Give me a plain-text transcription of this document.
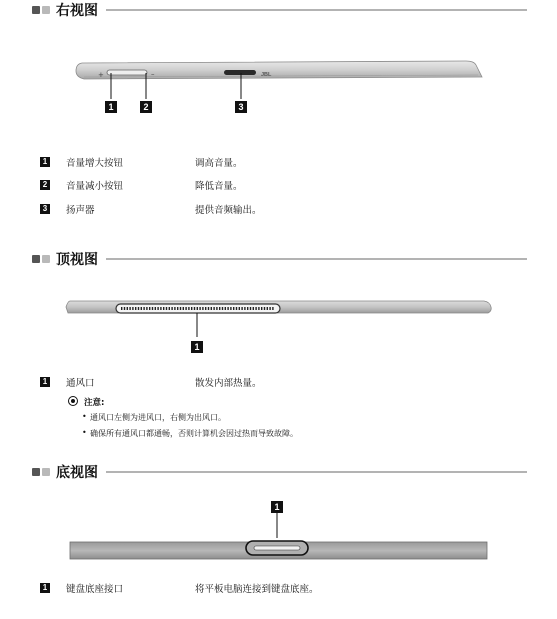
右视图
+	–	JBL
1	2	3
1 音量增大按钮	调高音量。
2 音量减小按钮	降低音量。
3 扬声器	提供音频输出。
顶视图
1
1 通风口	散发内部热量。
注意:
• 通风口左侧为进风口，右侧为出风口。
• 确保所有通风口都通畅，否则计算机会因过热而导致故障。
底视图
1
1 键盘底座接口	将平板电脑连接到键盘底座。
